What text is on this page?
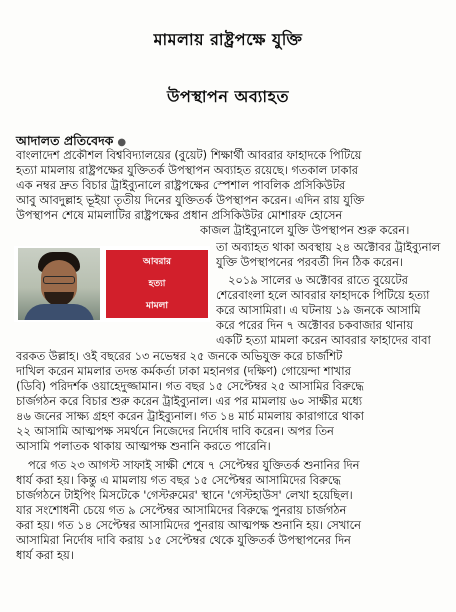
মামলায় রাষ্ট্রপক্ষে যুক্তি
উপস্থাপন অব্যাহত
আদালত প্রতিবেদক ●
বাংলাদেশ প্রকৌশল বিশ্ববিদ্যালয়ের (বুয়েট) শিক্ষার্থী আবরার ফাহাদকে পিটিয়ে
হত্যা মামলায় রাষ্ট্রপক্ষের যুক্তিতর্ক উপস্থাপন অব্যাহত রয়েছে। গতকাল ঢাকার
এক নম্বর দ্রুত বিচার ট্রাইব্যুনালে রাষ্ট্রপক্ষের স্পেশাল পাবলিক প্রসিকিউটর
আবু আবদুল্লাহ ভূইয়া তৃতীয় দিনের যুক্তিতর্ক উপস্থাপন করেন। এদিন রায় যুক্তি
উপস্থাপন শেষে মামলাটির রাষ্ট্রপক্ষের প্রধান প্রসিকিউটর মোশারফ হোসেন
কাজল ট্রাইব্যুনালে যুক্তি উপস্থাপন শুরু করেন।
আবরার
হত্যা
মামলা
তা অব্যাহত থাকা অবস্থায় ২৪ অক্টোবর ট্রাইব্যুনাল
যুক্তি উপস্থাপনের পরবর্তী দিন ঠিক করেন।
২০১৯ সালের ৬ অক্টোবর রাতে বুয়েটের
শেরেবাংলা হলে আবরার ফাহাদকে পিটিয়ে হত্যা
করে আসামিরা। এ ঘটনায় ১৯ জনকে আসামি
করে পরের দিন ৭ অক্টোবর চকবাজার থানায়
একটি হত্যা মামলা করেন আবরার ফাহাদের বাবা
বরকত উল্লাহ। ওই বছরের ১৩ নভেম্বর ২৫ জনকে অভিযুক্ত করে চার্জশিট
দাখিল করেন মামলার তদন্ত কর্মকর্তা ঢাকা মহানগর (দক্ষিণ) গোয়েন্দা শাখার
(ডিবি) পরিদর্শক ওয়াহেদুজ্জামান। গত বছর ১৫ সেপ্টেম্বর ২৫ আসামির বিরুদ্ধে
চার্জগঠন করে বিচার শুরু করেন ট্রাইব্যুনাল। এর পর মামলায় ৬০ সাক্ষীর মধ্যে
৪৬ জনের সাক্ষ্য গ্রহণ করেন ট্রাইব্যুনাল। গত ১৪ মার্চ মামলায় কারাগারে থাকা
২২ আসামি আত্মপক্ষ সমর্থনে নিজেদের নির্দোষ দাবি করেন। অপর তিন
আসামি পলাতক থাকায় আত্মপক্ষ শুনানি করতে পারেনি।
পরে গত ২৩ আগস্ট সাফাই সাক্ষী শেষে ৭ সেপ্টেম্বর যুক্তিতর্ক শুনানির দিন
ধার্য করা হয়। কিন্তু এ মামলায় গত বছর ১৫ সেপ্টেম্বর আসামিদের বিরুদ্ধে
চার্জগঠনে টাইপিং মিসটেকে 'গেস্টরুমের' স্থানে 'গেস্টহাউস' লেখা হয়েছিল।
যার সংশোধনী চেয়ে গত ৯ সেপ্টেম্বর আসামিদের বিরুদ্ধে পুনরায় চার্জগঠন
করা হয়। গত ১৪ সেপ্টেম্বর আসামিদের পুনরায় আত্মপক্ষ শুনানি হয়। সেখানে
আসামিরা নির্দোষ দাবি করায় ১৫ সেপ্টেম্বর থেকে যুক্তিতর্ক উপস্থাপনের দিন
ধার্য করা হয়।
